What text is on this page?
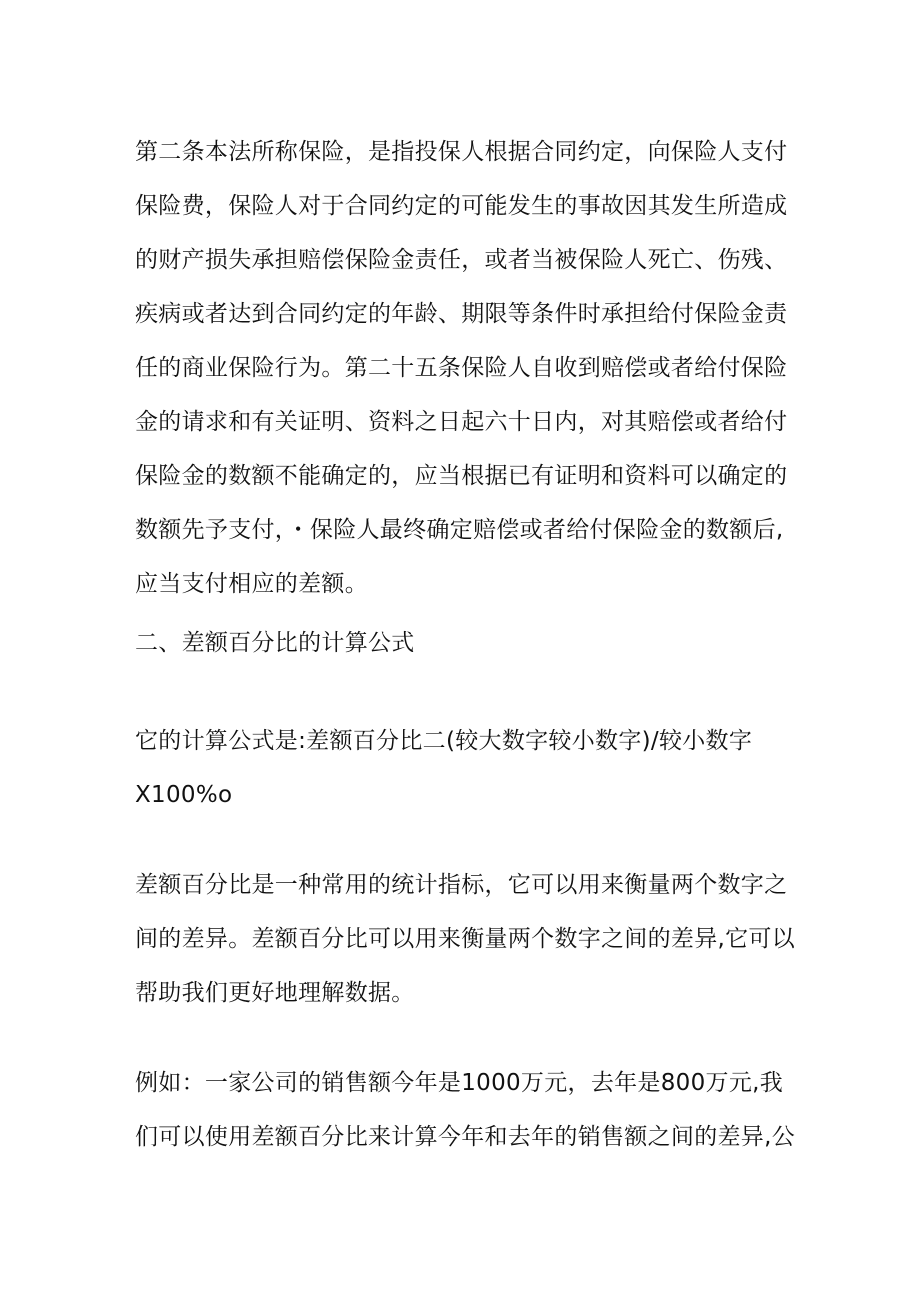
第二条本法所称保险，是指投保人根据合同约定，向保险人支付
保险费，保险人对于合同约定的可能发生的事故因其发生所造成
的财产损失承担赔偿保险金责任，或者当被保险人死亡、伤残、
疾病或者达到合同约定的年龄、期限等条件时承担给付保险金责
任的商业保险行为。第二十五条保险人自收到赔偿或者给付保险
金的请求和有关证明、资料之日起六十日内，对其赔偿或者给付
保险金的数额不能确定的，应当根据已有证明和资料可以确定的
数额先予支付，・保险人最终确定赔偿或者给付保险金的数额后,
应当支付相应的差额。
二、差额百分比的计算公式
它的计算公式是:差额百分比二(较大数字较小数字)/较小数字
X100%o
差额百分比是一种常用的统计指标，它可以用来衡量两个数字之
间的差异。差额百分比可以用来衡量两个数字之间的差异,它可以
帮助我们更好地理解数据。
例如：一家公司的销售额今年是1000万元，去年是800万元,我
们可以使用差额百分比来计算今年和去年的销售额之间的差异,公
